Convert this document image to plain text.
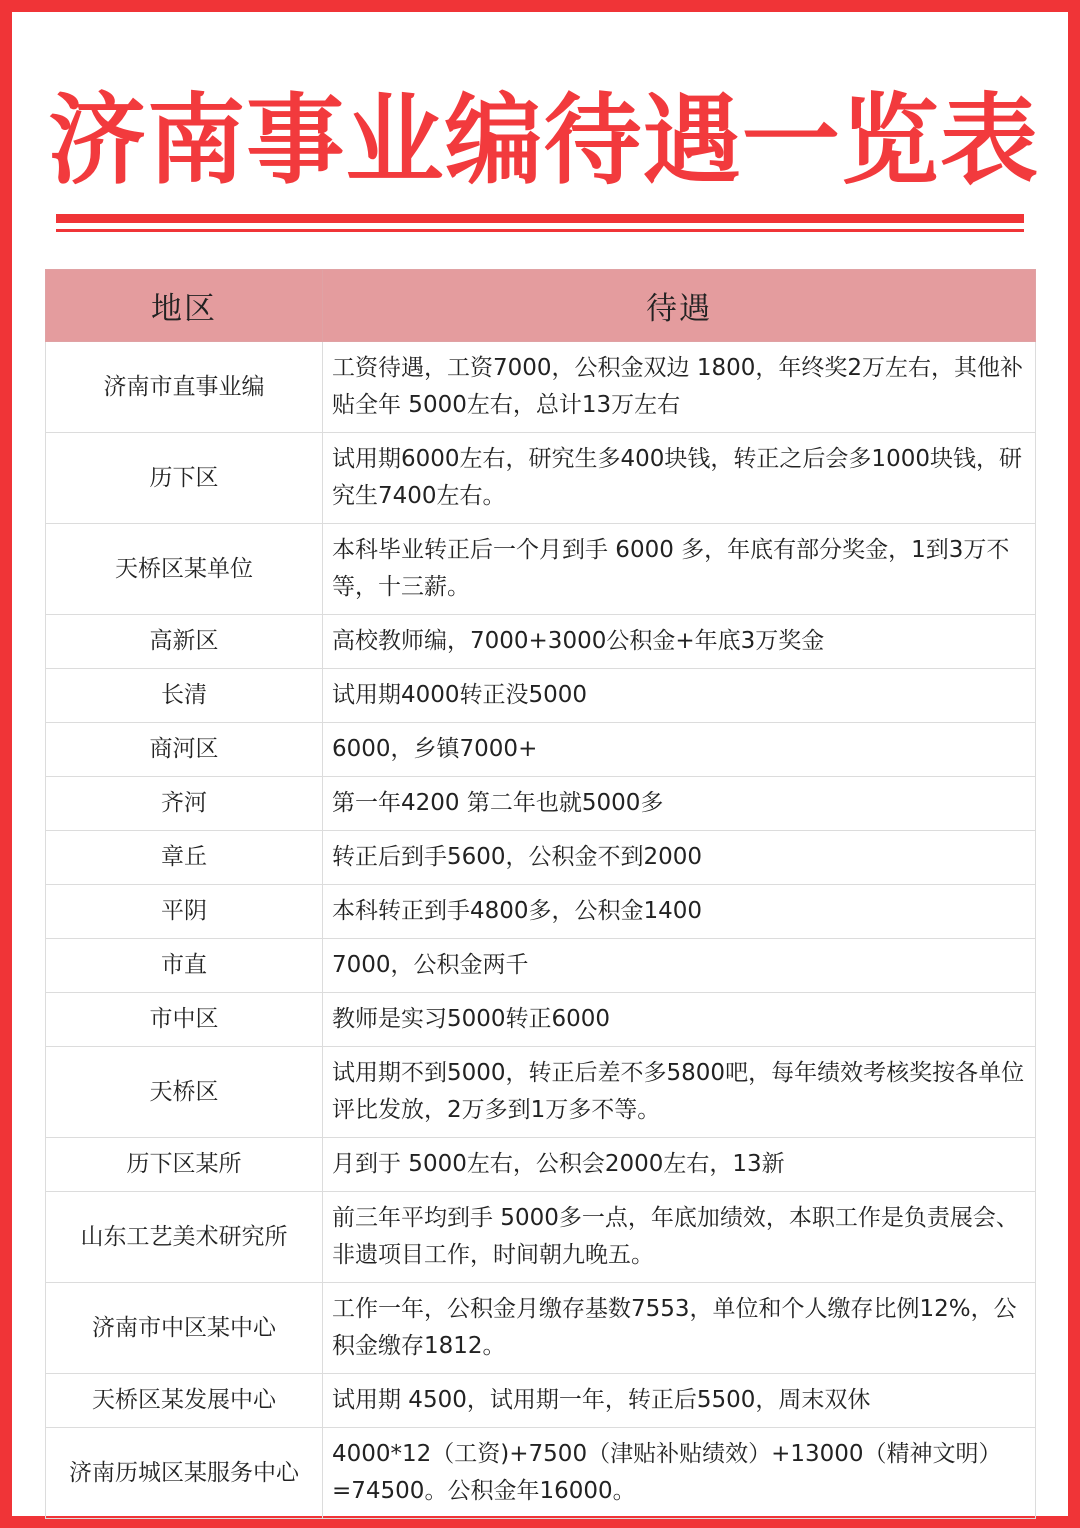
济 南 事 业 编 待 遇 一 览 表
地区	待遇
济南市直事业编	工资待遇，工资7000，公积金双边 1800，年终奖2万左右，其他补贴全年 5000左右，总计13万左右
历下区	试用期6000左右，研究生多400块钱，转正之后会多1000块钱，研究生7400左右。
天桥区某单位	本科毕业转正后一个月到手 6000 多，年底有部分奖金，1到3万不等，十三薪。
高新区	高校教师编，7000+3000公积金+年底3万奖金
长清	试用期4000转正没5000
商河区	6000，乡镇7000+
齐河	第一年4200 第二年也就5000多
章丘	转正后到手5600，公积金不到2000
平阴	本科转正到手4800多，公积金1400
市直	7000，公积金两千
市中区	教师是实习5000转正6000
天桥区	试用期不到5000，转正后差不多5800吧，每年绩效考核奖按各单位评比发放，2万多到1万多不等。
历下区某所	月到于 5000左右，公积会2000左右，13新
山东工艺美术研究所	前三年平均到手 5000多一点，年底加绩效，本职工作是负责展会、非遗项目工作，时间朝九晚五。
济南市中区某中心	工作一年，公积金月缴存基数7553，单位和个人缴存比例12%，公积金缴存1812。
天桥区某发展中心	试用期 4500，试用期一年，转正后5500，周末双休
济南历城区某服务中心	4000*12（工资)+7500（津贴补贴绩效）+13000（精神文明）=74500。公积金年16000。
